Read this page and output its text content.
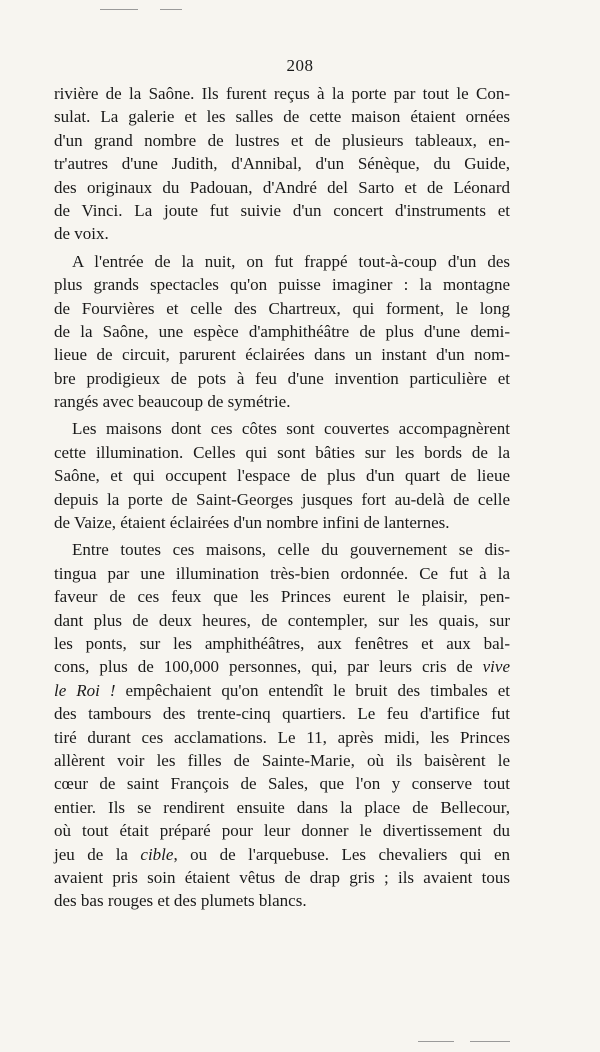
208
rivière de la Saône. Ils furent reçus à la porte par tout le Con-
sulat. La galerie et les salles de cette maison étaient ornées
d'un grand nombre de lustres et de plusieurs tableaux, en-
tr'autres d'une Judith, d'Annibal, d'un Sénèque, du Guide,
des originaux du Padouan, d'André del Sarto et de Léonard
de Vinci. La joute fut suivie d'un concert d'instruments et
de voix.
A l'entrée de la nuit, on fut frappé tout-à-coup d'un des
plus grands spectacles qu'on puisse imaginer : la montagne
de Fourvières et celle des Chartreux, qui forment, le long
de la Saône, une espèce d'amphithéâtre de plus d'une demi-
lieue de circuit, parurent éclairées dans un instant d'un nom-
bre prodigieux de pots à feu d'une invention particulière et
rangés avec beaucoup de symétrie.
Les maisons dont ces côtes sont couvertes accompagnèrent
cette illumination. Celles qui sont bâties sur les bords de la
Saône, et qui occupent l'espace de plus d'un quart de lieue
depuis la porte de Saint-Georges jusques fort au-delà de celle
de Vaize, étaient éclairées d'un nombre infini de lanternes.
Entre toutes ces maisons, celle du gouvernement se dis-
tingua par une illumination très-bien ordonnée. Ce fut à la
faveur de ces feux que les Princes eurent le plaisir, pen-
dant plus de deux heures, de contempler, sur les quais, sur
les ponts, sur les amphithéâtres, aux fenêtres et aux bal-
cons, plus de 100,000 personnes, qui, par leurs cris de vive
le Roi ! empêchaient qu'on entendît le bruit des timbales et
des tambours des trente-cinq quartiers. Le feu d'artifice fut
tiré durant ces acclamations. Le 11, après midi, les Princes
allèrent voir les filles de Sainte-Marie, où ils baisèrent le
cœur de saint François de Sales, que l'on y conserve tout
entier. Ils se rendirent ensuite dans la place de Bellecour,
où tout était préparé pour leur donner le divertissement du
jeu de la cible, ou de l'arquebuse. Les chevaliers qui en
avaient pris soin étaient vêtus de drap gris ; ils avaient tous
des bas rouges et des plumets blancs.
